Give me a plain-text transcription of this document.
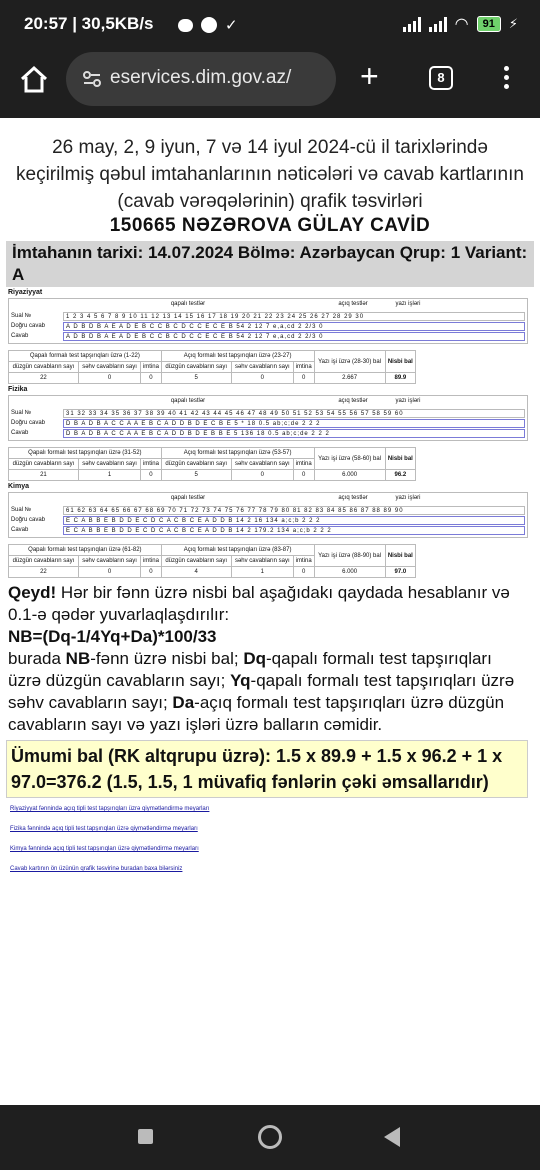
20:57 | 30,5KB/s	✓	◠	91	⚡
eservices.dim.gov.az/ +	8
26 may, 2, 9 iyun, 7 və 14 iyul 2024-cü il tarixlərində keçirilmiş qəbul imtahanlarının nəticələri və cavab kartlarının (cavab vərəqələrinin) qrafik təsvirləri
150665 NƏZƏROVA GÜLAY CAVİD
İmtahanın tarixi: 14.07.2024 Bölmə: Azərbaycan Qrup: 1 Variant: A
Riyaziyyat
qapalı testlər	açıq testlər	yazı işləri
Sual №	1 2 3 4 5 6 7 8 9 10 11 12 13 14 15 16 17 18 19 20 21 22 23 24 25 26 27 28 29 30
Doğru cavab	A D B D B A E A D E B C C B C D C C E C E B 54 2 12 7 e,a,cd 2 2/3 0
Cavab	A D B D B A E A D E B C C B C D C C E C E B 54 2 12 7 e,a,cd 2 2/3 0
Qapalı formalı test tapşırıqları üzrə (1-22)			Açıq formalı test tapşırıqları üzrə (23-27)			Yazı işi üzrə (28-30) bal	Nisbi bal
düzgün cavabların sayı	səhv cavabların sayı	imtina	düzgün cavabların sayı	səhv cavabların sayı	imtina		
22	0	0	5	0	0	2.667	89.9
Fizika
qapalı testlər	açıq testlər	yazı işləri
Sual №	31 32 33 34 35 36 37 38 39 40 41 42 43 44 45 46 47 48 49 50 51 52 53 54 55 56 57 58 59 60
Doğru cavab	D B A D B A C C A A E B C A D D B D E C B E 5 * 18 0.5 ab;c;de 2 2 2
Cavab	D B A D B A C C A A E B C A D D B D E B B E 5 136 18 0.5 ab;c;de 2 2 2
Qapalı formalı test tapşırıqları üzrə (31-52)			Açıq formalı test tapşırıqları üzrə (53-57)			Yazı işi üzrə (58-60) bal	Nisbi bal
düzgün cavabların sayı	səhv cavabların sayı	imtina	düzgün cavabların sayı	səhv cavabların sayı	imtina		
21	1	0	5	0	0	6.000	96.2
Kimya
qapalı testlər	açıq testlər	yazı işləri
Sual №	61 62 63 64 65 66 67 68 69 70 71 72 73 74 75 76 77 78 79 80 81 82 83 84 85 86 87 88 89 90
Doğru cavab	E C A B B E B D D E C D C A C B C E A D D B 14 2 16 134 a;c;b 2 2 2
Cavab	E C A B B E B D D E C D C A C B C E A D D B 14 2 179.2 134 a;c;b 2 2 2
Qapalı formalı test tapşırıqları üzrə (61-82)			Açıq formalı test tapşırıqları üzrə (83-87)			Yazı işi üzrə (88-90) bal	Nisbi bal
düzgün cavabların sayı	səhv cavabların sayı	imtina	düzgün cavabların sayı	səhv cavabların sayı	imtina		
22	0	0	4	1	0	6.000	97.0
Qeyd! Hər bir fənn üzrə nisbi bal aşağıdakı qaydada hesablanır və 0.1-ə qədər yuvarlaqlaşdırılır:
NB=(Dq-1/4Yq+Da)*100/33
burada NB-fənn üzrə nisbi bal; Dq-qapalı formalı test tapşırıqları üzrə düzgün cavabların sayı; Yq-qapalı formalı test tapşırıqları üzrə səhv cavabların sayı; Da-açıq formalı test tapşırıqları üzrə düzgün cavabların sayı və yazı işləri üzrə balların cəmidir.
Ümumi bal (RK altqrupu üzrə): 1.5 x 89.9 + 1.5 x 96.2 + 1 x 97.0=376.2 (1.5, 1.5, 1 müvafiq fənlərin çəki əmsallarıdır)
Riyaziyyat fənnində açıq tipli test tapşırıqları üzrə qiymətləndirmə meyarları
Fizika fənnində açıq tipli test tapşırıqları üzrə qiymətləndirmə meyarları
Kimya fənnində açıq tipli test tapşırıqları üzrə qiymətləndirmə meyarları
Cavab kartının ön üzünün qrafik təsvirinə buradan baxa bilərsiniz
